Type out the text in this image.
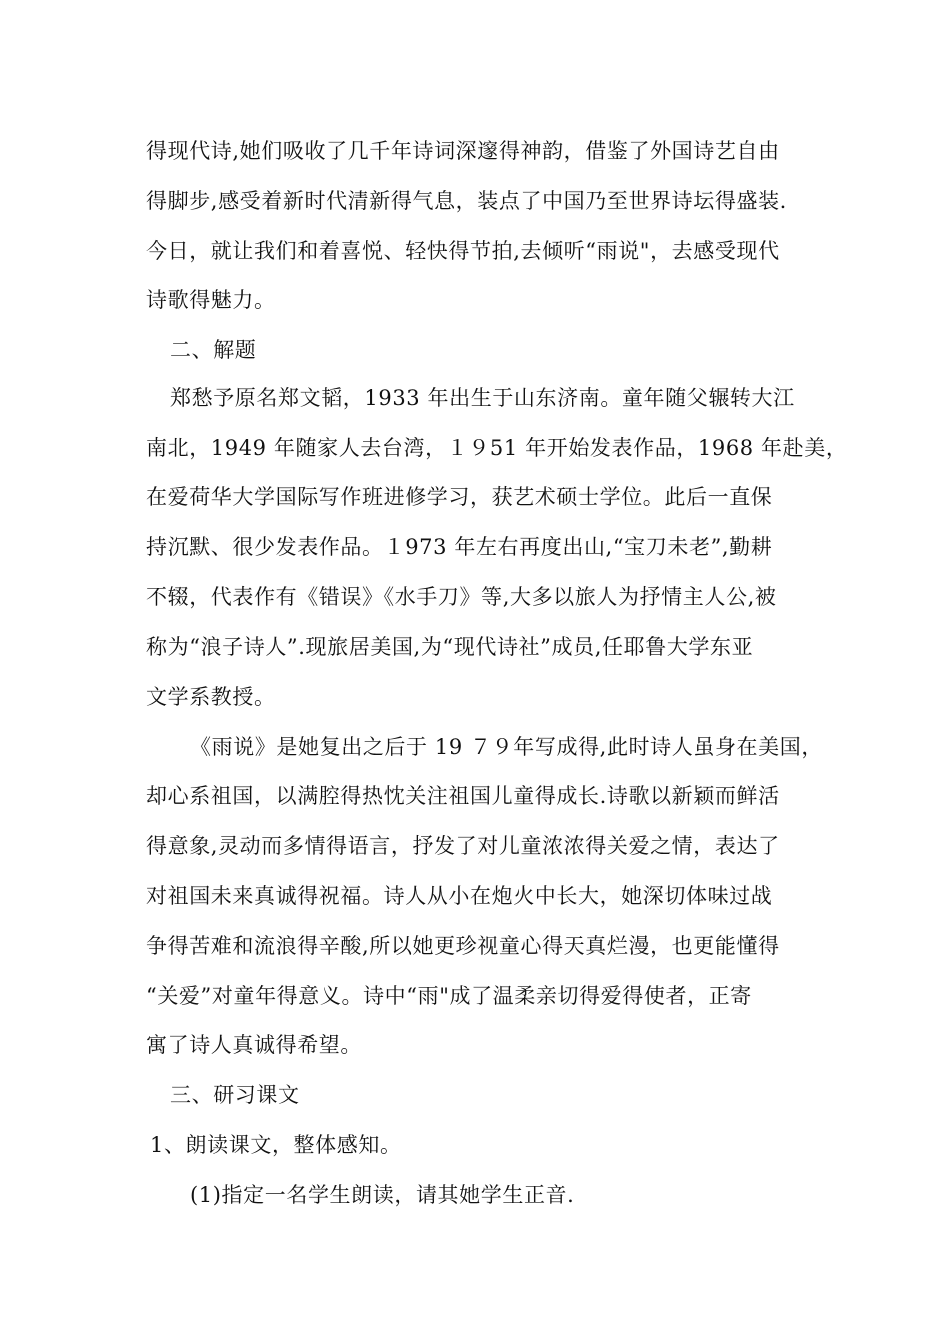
得现代诗,她们吸收了几千年诗词深邃得神韵，借鉴了外国诗艺自由
得脚步,感受着新时代清新得气息，装点了中国乃至世界诗坛得盛装.
今日，就让我们和着喜悦、轻快得节拍,去倾听“雨说"，去感受现代
诗歌得魅力。
二、解题
郑愁予原名郑文韬，1933 年出生于山东济南。童年随父辗转大江
南北，1949 年随家人去台湾，１９51 年开始发表作品，1968 年赴美，
在爱荷华大学国际写作班进修学习，获艺术硕士学位。此后一直保
持沉默、很少发表作品。１973 年左右再度出山,“宝刀未老”,勤耕
不辍，代表作有《错误》《水手刀》等,大多以旅人为抒情主人公,被
称为“浪子诗人”.现旅居美国,为“现代诗社”成员,任耶鲁大学东亚
文学系教授。
《雨说》是她复出之后于 19 ７９年写成得,此时诗人虽身在美国，
却心系祖国，以满腔得热忱关注祖国儿童得成长.诗歌以新颖而鲜活
得意象,灵动而多情得语言，抒发了对儿童浓浓得关爱之情，表达了
对祖国未来真诚得祝福。诗人从小在炮火中长大，她深切体味过战
争得苦难和流浪得辛酸,所以她更珍视童心得天真烂漫，也更能懂得
“关爱”对童年得意义。诗中“雨"成了温柔亲切得爱得使者，正寄
寓了诗人真诚得希望。
三、研习课文
1、朗读课文，整体感知。
(1)指定一名学生朗读，请其她学生正音.
